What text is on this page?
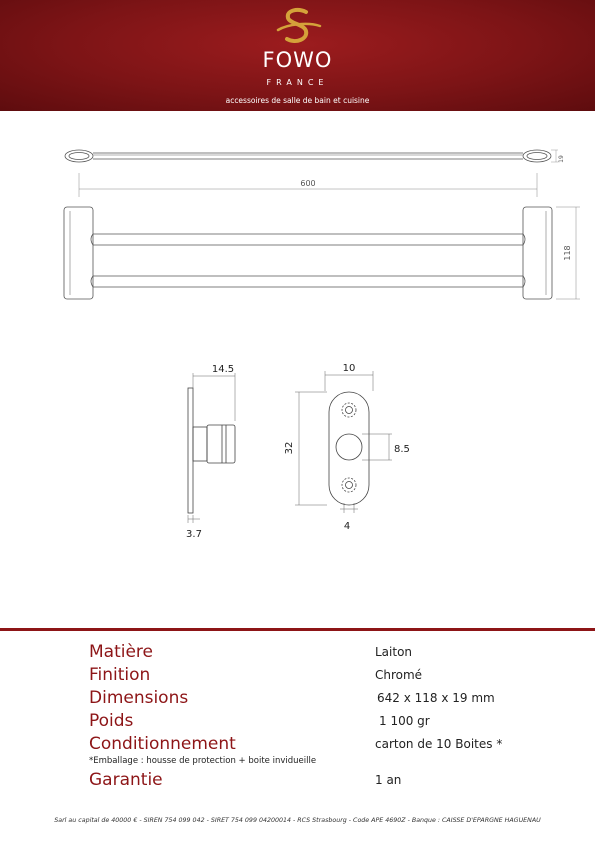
FOWO
FRANCE
accessoires de salle de bain et cuisine
19
600
118
14.5
3.7
10
32	8.5
4
Matière	Laiton
Finition	Chromé
Dimensions	642 x 118 x 19 mm
Poids	1 100 gr
Conditionnement	carton de 10 Boites *
*Emballage : housse de protection + boite invidueille
Garantie	1 an
Sarl au capital de 40000 € - SIREN 754 099 042 - SIRET 754 099 04200014 - RCS Strasbourg - Code APE 4690Z - Banque : CAISSE D'EPARGNE HAGUENAU
